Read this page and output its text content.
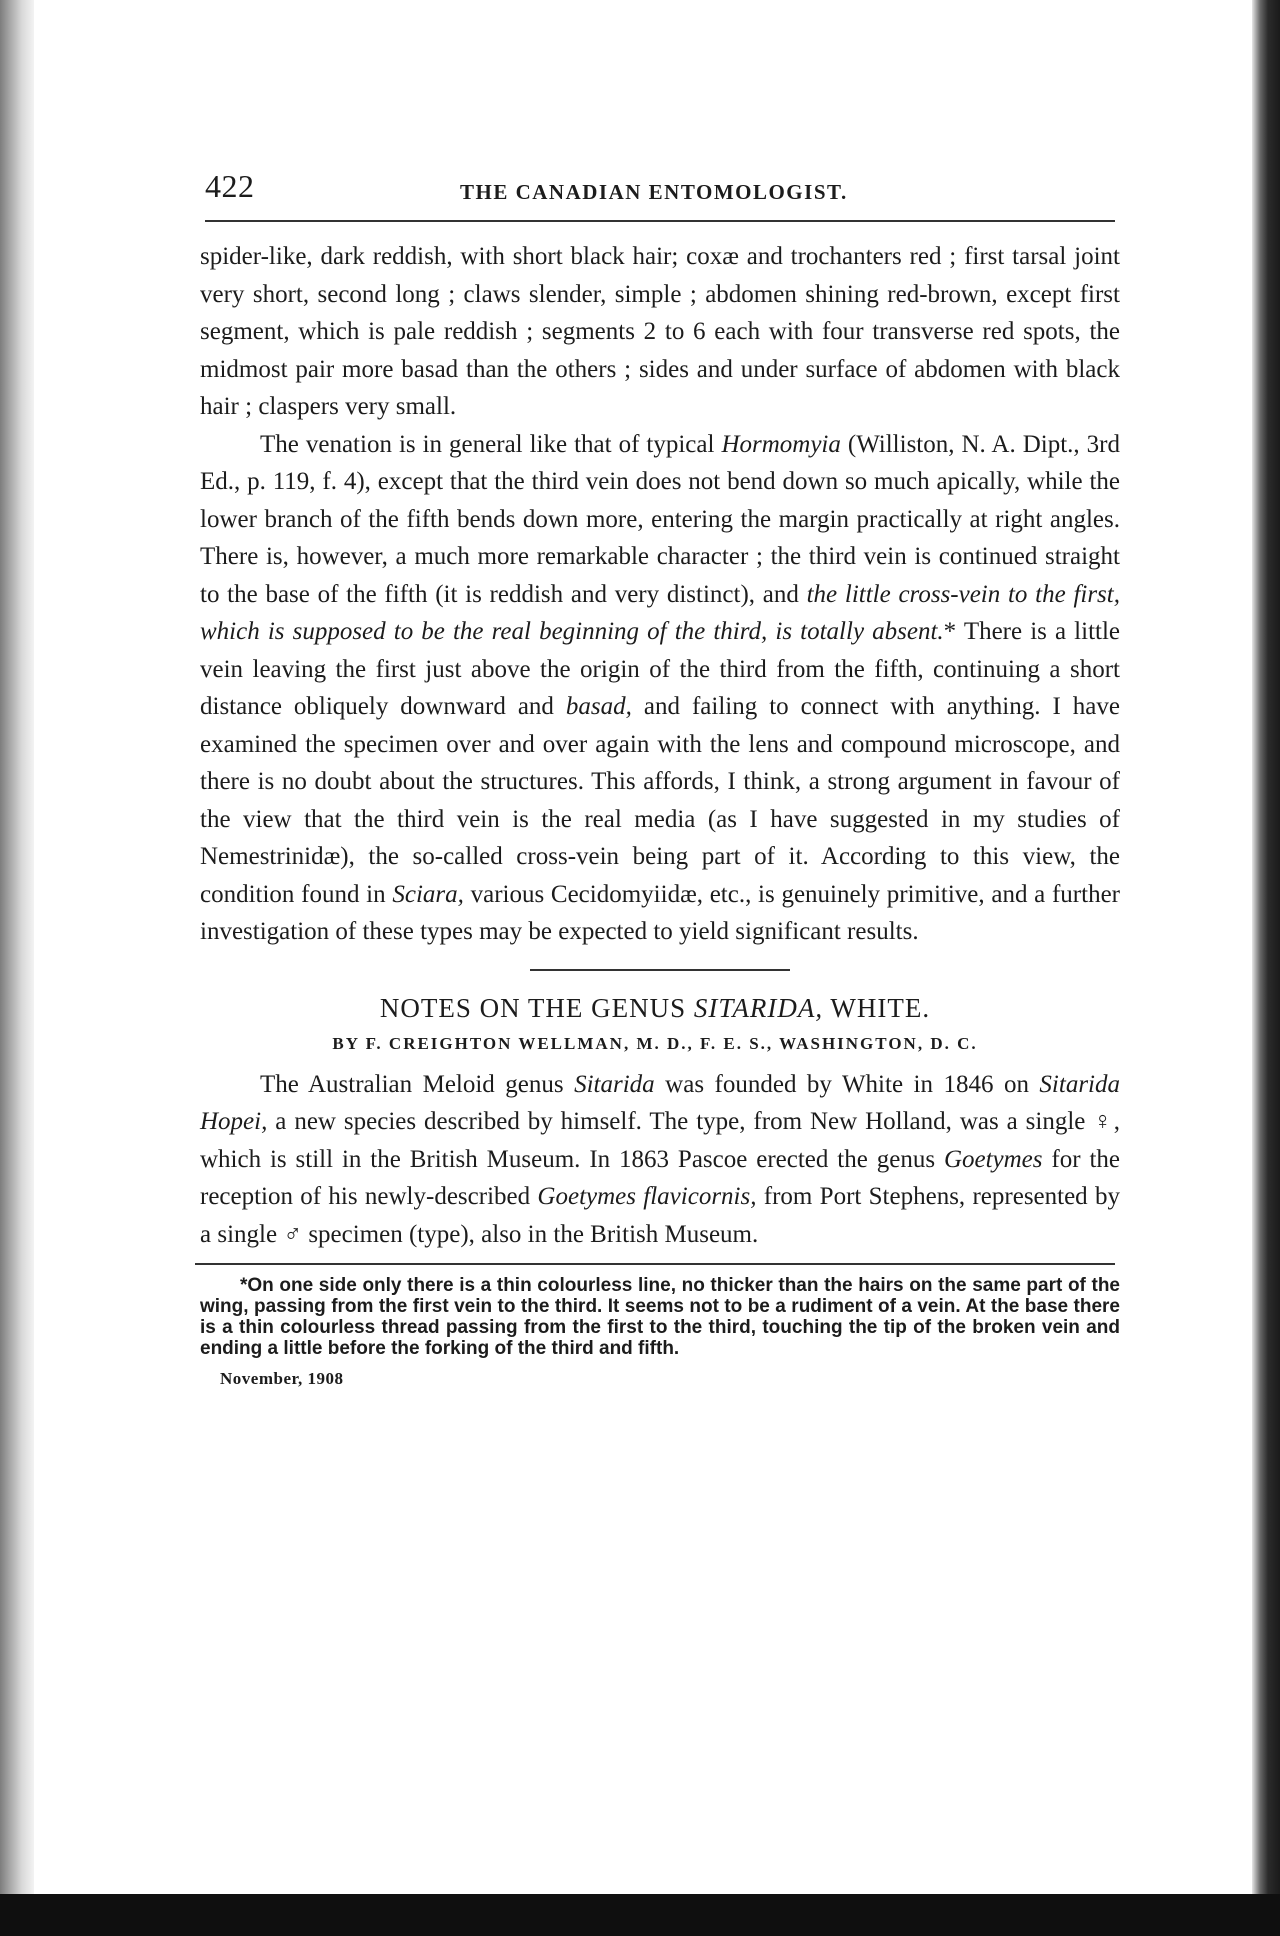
422	THE CANADIAN ENTOMOLOGIST.

spider-like, dark reddish, with short black hair; coxæ and trochanters red ; first tarsal joint very short, second long ; claws slender, simple ; abdomen shining red-brown, except first segment, which is pale reddish ; segments 2 to 6 each with four transverse red spots, the midmost pair more basad than the others ; sides and under surface of abdomen with black hair ; claspers very small.

The venation is in general like that of typical Hormomyia (Williston, N. A. Dipt., 3rd Ed., p. 119, f. 4), except that the third vein does not bend down so much apically, while the lower branch of the fifth bends down more, entering the margin practically at right angles. There is, however, a much more remarkable character ; the third vein is continued straight to the base of the fifth (it is reddish and very distinct), and the little cross-vein to the first, which is supposed to be the real beginning of the third, is totally absent.* There is a little vein leaving the first just above the origin of the third from the fifth, continuing a short distance obliquely downward and basad, and failing to connect with anything. I have examined the specimen over and over again with the lens and compound microscope, and there is no doubt about the structures. This affords, I think, a strong argument in favour of the view that the third vein is the real media (as I have suggested in my studies of Nemestrinidæ), the so-called cross-vein being part of it. According to this view, the condition found in Sciara, various Cecidomyiidæ, etc., is genuinely primitive, and a further investigation of these types may be expected to yield significant results.

NOTES ON THE GENUS SITARIDA, WHITE.
BY F. CREIGHTON WELLMAN, M. D., F. E. S., WASHINGTON, D. C.

The Australian Meloid genus Sitarida was founded by White in 1846 on Sitarida Hopei, a new species described by himself. The type, from New Holland, was a single ♀, which is still in the British Museum. In 1863 Pascoe erected the genus Goetymes for the reception of his newly-described Goetymes flavicornis, from Port Stephens, represented by a single ♂ specimen (type), also in the British Museum.

*On one side only there is a thin colourless line, no thicker than the hairs on the same part of the wing, passing from the first vein to the third. It seems not to be a rudiment of a vein. At the base there is a thin colourless thread passing from the first to the third, touching the tip of the broken vein and ending a little before the forking of the third and fifth.

November, 1908
